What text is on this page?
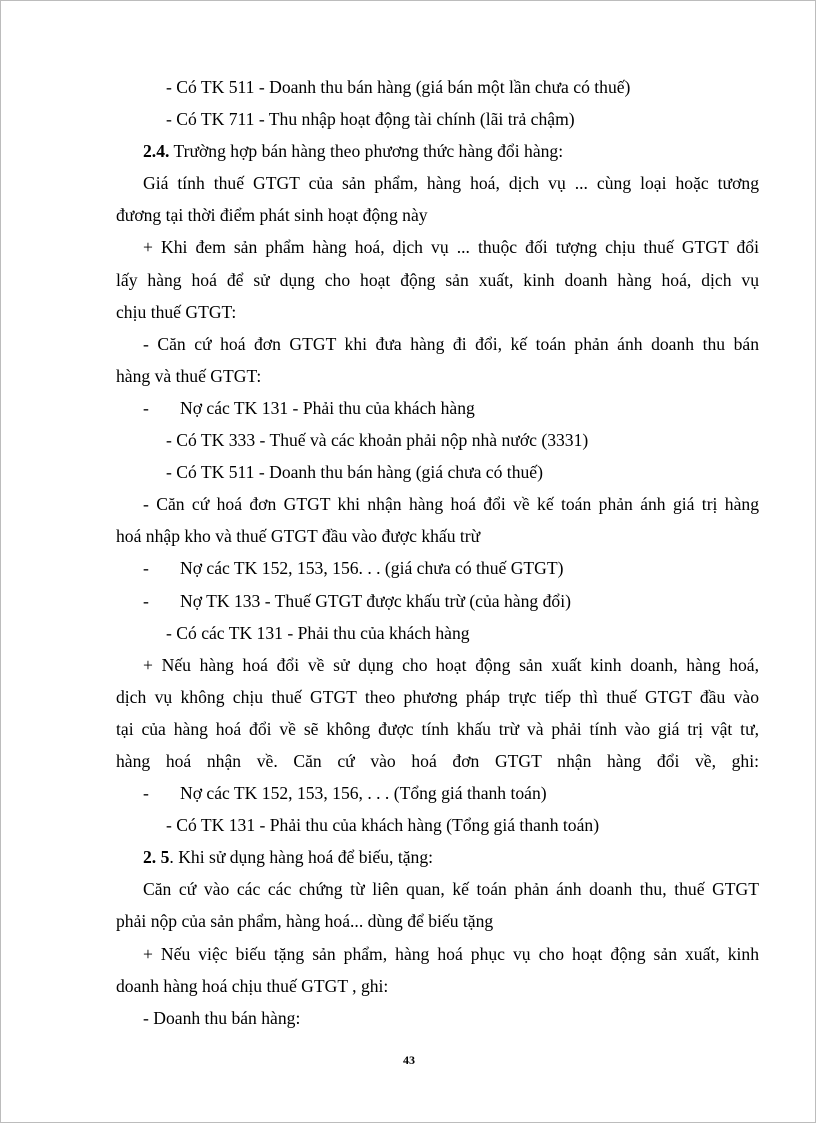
- Có TK 511 - Doanh thu bán hàng (giá bán một lần chưa có thuế)
- Có TK 711 - Thu nhập hoạt động tài chính (lãi trả chậm)
2.4. Trường hợp bán hàng theo phương thức hàng đổi hàng:
Giá tính thuế GTGT của sản phẩm, hàng hoá, dịch vụ ... cùng loại hoặc tương
đương tại thời điểm phát sinh hoạt động này
+ Khi đem sản phẩm hàng hoá, dịch vụ ... thuộc đối tượng chịu thuế GTGT đổi
lấy hàng hoá để sử dụng cho hoạt động sản xuất, kinh doanh hàng hoá, dịch vụ
chịu thuế GTGT:
- Căn cứ hoá đơn GTGT khi đưa hàng đi đổi, kế toán phản ánh doanh thu bán
hàng và thuế GTGT:
- Nợ các TK 131 - Phải thu của khách hàng
- Có TK 333 - Thuế và các khoản phải nộp nhà nước (3331)
- Có TK 511 - Doanh thu bán hàng (giá chưa có thuế)
- Căn cứ hoá đơn GTGT khi nhận hàng hoá đổi về kế toán phản ánh giá trị hàng
hoá nhập kho và thuế GTGT đầu vào được khấu trừ
- Nợ các TK 152, 153, 156. . . (giá chưa có thuế GTGT)
- Nợ TK 133 - Thuế GTGT được khấu trừ (của hàng đổi)
- Có các TK 131 - Phải thu của khách hàng
+ Nếu hàng hoá đổi về sử dụng cho hoạt động sản xuất kinh doanh, hàng hoá,
dịch vụ không chịu thuế GTGT theo phương pháp trực tiếp thì thuế GTGT đầu vào
tại của hàng hoá đổi về sẽ không được tính khấu trừ và phải tính vào giá trị vật tư,
hàng hoá nhận về. Căn cứ vào hoá đơn GTGT nhận hàng đổi về, ghi:
- Nợ các TK 152, 153, 156, . . . (Tổng giá thanh toán)
- Có TK 131 - Phải thu của khách hàng (Tổng giá thanh toán)
2. 5. Khi sử dụng hàng hoá để biếu, tặng:
Căn cứ vào các các chứng từ liên quan, kế toán phản ánh doanh thu, thuế GTGT
phải nộp của sản phẩm, hàng hoá... dùng để biếu tặng
+ Nếu việc biếu tặng sản phẩm, hàng hoá phục vụ cho hoạt động sản xuất, kinh
doanh hàng hoá chịu thuế GTGT , ghi:
- Doanh thu bán hàng:
43
